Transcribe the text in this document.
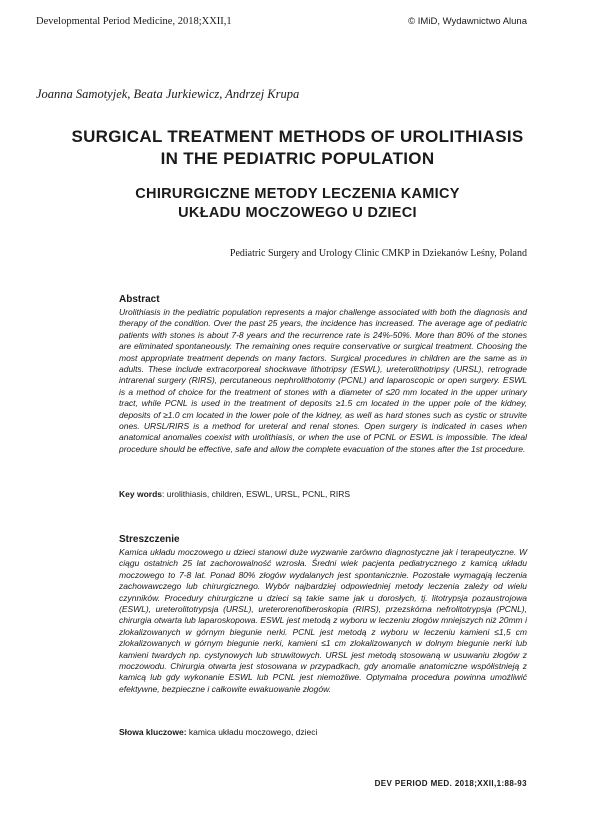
Developmental Period Medicine, 2018;XXII,1	© IMiD, Wydawnictwo Aluna
Joanna Samotyjek, Beata Jurkiewicz, Andrzej Krupa
SURGICAL TREATMENT METHODS OF UROLITHIASIS
IN THE PEDIATRIC POPULATION
CHIRURGICZNE METODY LECZENIA KAMICY
UKŁADU MOCZOWEGO U DZIECI
Pediatric Surgery and Urology Clinic CMKP in Dziekanów Leśny, Poland
Abstract
Urolithiasis in the pediatric population represents a major challenge associated with both the diagnosis and therapy of the condition. Over the past 25 years, the incidence has increased. The average age of pediatric patients with stones is about 7-8 years and the recurrence rate is 24%-50%. More than 80% of the stones are eliminated spontaneously. The remaining ones require conservative or surgical treatment. Choosing the most appropriate treatment depends on many factors. Surgical procedures in children are the same as in adults. These include extracorporeal shockwave lithotripsy (ESWL), ureterolithotripsy (URSL), retrograde intrarenal surgery (RIRS), percutaneous nephrolithotomy (PCNL) and laparoscopic or open surgery. ESWL is a method of choice for the treatment of stones with a diameter of ≤20 mm located in the upper urinary tract, while PCNL is used in the treatment of deposits ≥1.5 cm located in the upper pole of the kidney, deposits of ≥1.0 cm located in the lower pole of the kidney, as well as hard stones such as cystic or struvite ones. URSL/RIRS is a method for ureteral and renal stones. Open surgery is indicated in cases when anatomical anomalies coexist with urolithiasis, or when the use of PCNL or ESWL is impossible. The ideal procedure should be effective, safe and allow the complete evacuation of the stones after the 1st procedure.
Key words: urolithiasis, children, ESWL, URSL, PCNL, RIRS
Streszczenie
Kamica układu moczowego u dzieci stanowi duże wyzwanie zarówno diagnostyczne jak i terapeutyczne. W ciągu ostatnich 25 lat zachorowalność wzrosła. Średni wiek pacjenta pediatrycznego z kamicą układu moczowego to 7-8 lat. Ponad 80% złogów wydalanych jest spontanicznie. Pozostałe wymagają leczenia zachowawczego lub chirurgicznego. Wybór najbardziej odpowiedniej metody leczenia zależy od wielu czynników. Procedury chirurgiczne u dzieci są takie same jak u dorosłych, tj. litotrypsja pozaustrojowa (ESWL), ureterolitotrypsja (URSL), ureterorenofiberoskopia (RIRS), przezskórna nefrolitotrypsja (PCNL), chirurgia otwarta lub laparoskopowa. ESWL jest metodą z wyboru w leczeniu złogów mniejszych niż 20mm i zlokalizowanych w górnym biegunie nerki. PCNL jest metodą z wyboru w leczeniu kamieni ≤1,5 cm zlokalizowanych w górnym biegunie nerki, kamieni ≤1 cm zlokalizowanych w dolnym biegunie nerki lub kamieni twardych np. cystynowych lub struwitowych. URSL jest metodą stosowaną w usuwaniu złogów z moczowodu. Chirurgia otwarta jest stosowana w przypadkach, gdy anomalie anatomiczne współistnieją z kamicą lub gdy wykonanie ESWL lub PCNL jest niemożliwe. Optymalna procedura powinna umożliwić efektywne, bezpieczne i całkowite ewakuowanie złogów.
Słowa kluczowe: kamica układu moczowego, dzieci
DEV PERIOD MED. 2018;XXII,1:88-93
